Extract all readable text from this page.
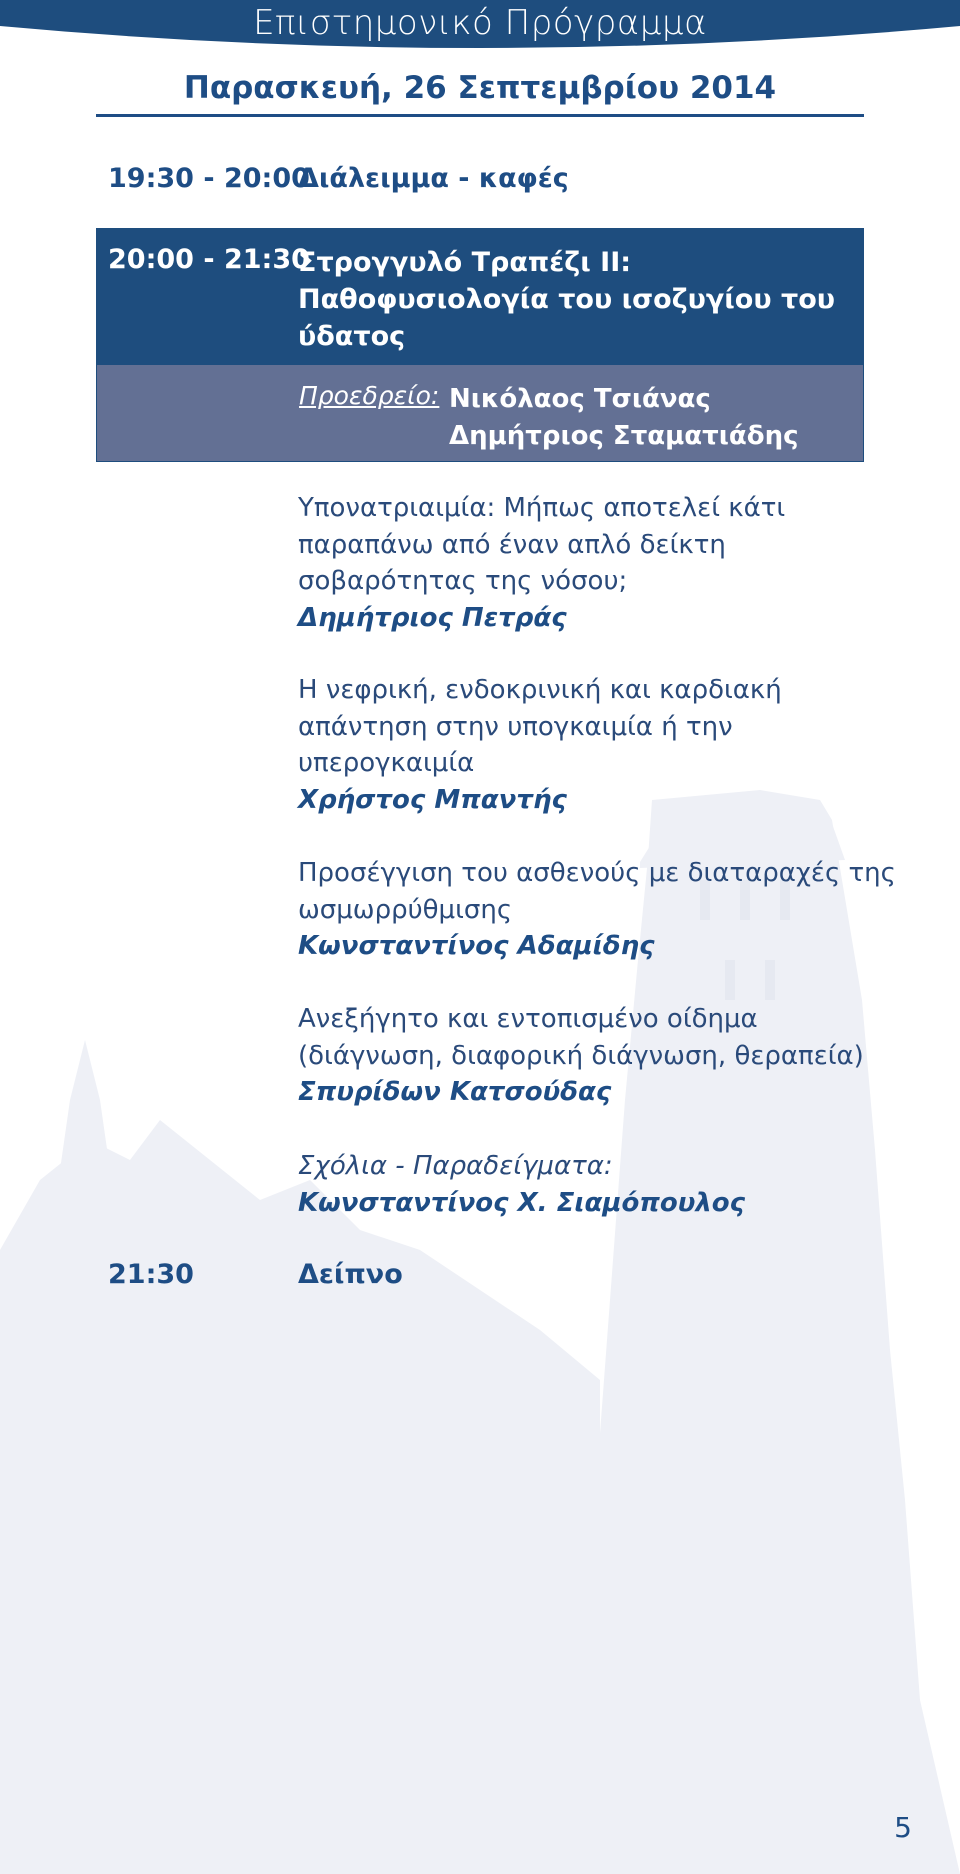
Επιστημονικό Πρόγραμμα
Παρασκευή, 26 Σεπτεμβρίου 2014
19:30 - 20:00
Διάλειμμα - καφές
20:00 - 21:30
Στρογγυλό Τραπέζι ΙΙ:
Παθοφυσιολογία του ισοζυγίου του
ύδατος
Προεδρείο: Νικόλαος Τσιάνας
Δημήτριος Σταματιάδης
Υπονατριαιμία: Μήπως αποτελεί κάτι
παραπάνω από έναν απλό δείκτη
σοβαρότητας της νόσου;
Δημήτριος Πετράς
Η νεφρική, ενδοκρινική και καρδιακή
απάντηση στην υπογκαιμία ή την
υπερογκαιμία
Χρήστος Μπαντής
Προσέγγιση του ασθενούς με διαταραχές της
ωσμωρρύθμισης
Κωνσταντίνος Αδαμίδης
Ανεξήγητο και εντοπισμένο οίδημα
(διάγνωση, διαφορική διάγνωση, θεραπεία)
Σπυρίδων Κατσούδας
Σχόλια - Παραδείγματα:
Κωνσταντίνος Χ. Σιαμόπουλος
21:30	Δείπνο
5
